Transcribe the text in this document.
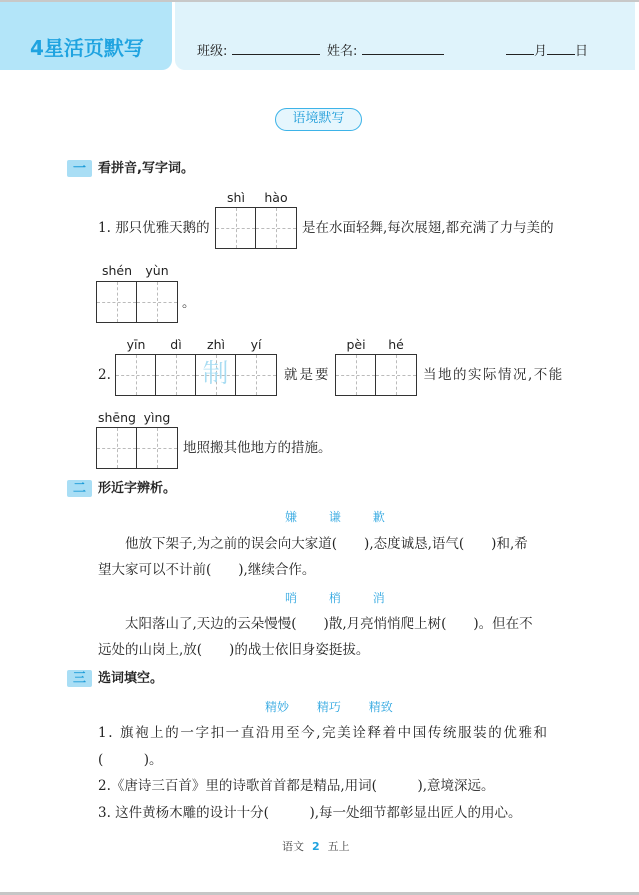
4星活页默写	班级:	姓名:	月 日
语境默写
一 看拼音,写字词。
1. 那只优雅天鹅的
shì	hào
是在水面轻舞,每次展翅,都充满了力与美的
shén	yùn
。
2.
yīn	dì	zhì	yí
制	就是要
pèi	hé
当地的实际情况,不能
shēng yìng
地照搬其他地方的措施。
二 形近字辨析。
嫌	谦	歉
他放下架子,为之前的误会向大家道(　　),态度诚恳,语气(　　)和,希
望大家可以不计前(　　),继续合作。
哨	梢	消
太阳落山了,天边的云朵慢慢(　　)散,月亮悄悄爬上树(　　)。但在不
远处的山岗上,放(　　)的战士依旧身姿挺拔。
三 选词填空。
精妙 精巧 精致
1. 旗袍上的一字扣一直沿用至今,完美诠释着中国传统服装的优雅和
(　　　)。
2.《唐诗三百首》里的诗歌首首都是精品,用词(　　　),意境深远。
3. 这件黄杨木雕的设计十分(　　　),每一处细节都彰显出匠人的用心。
语文 2 五上
